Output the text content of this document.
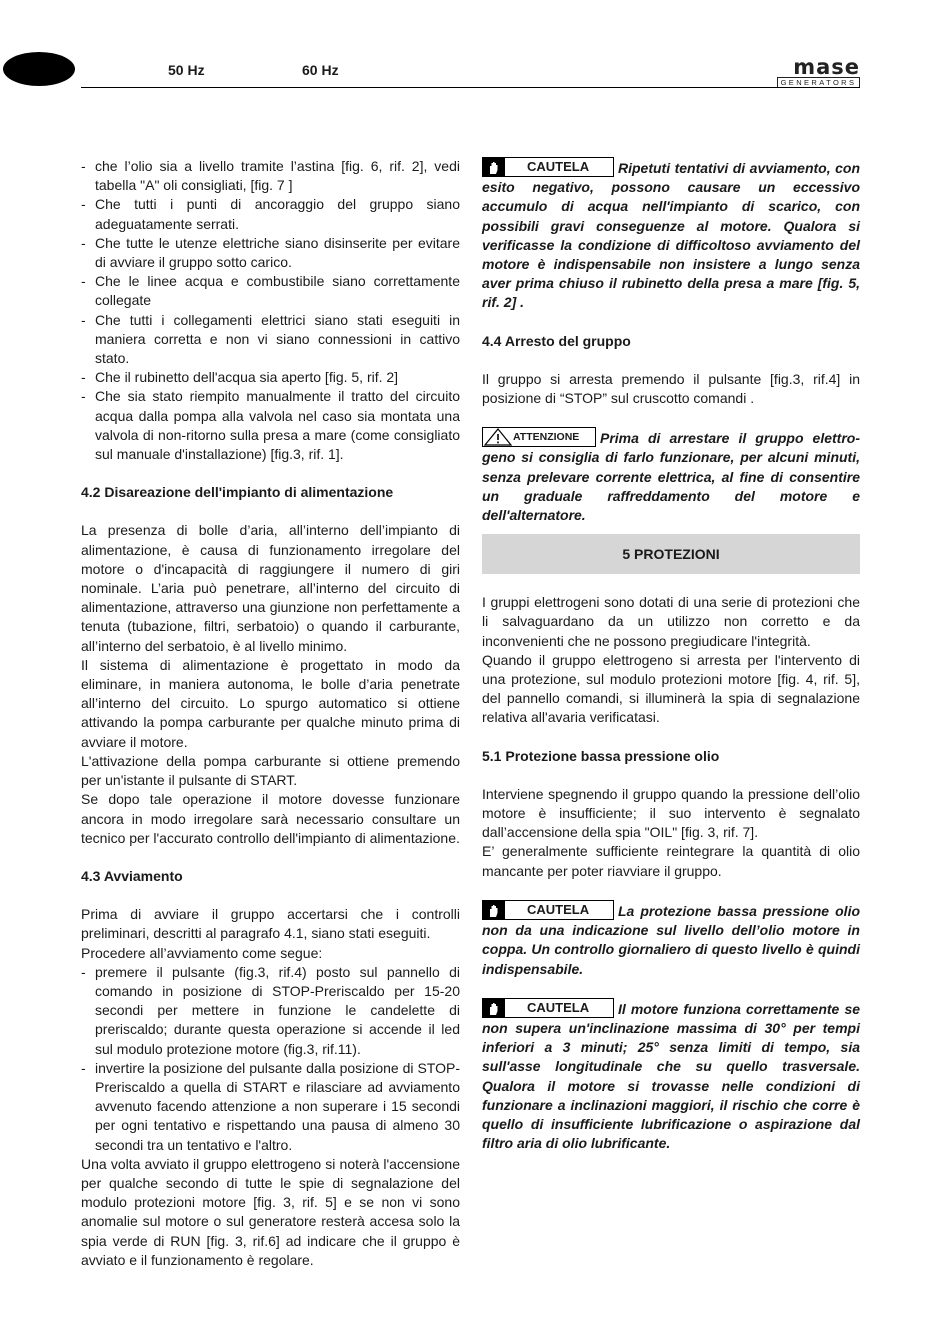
50 Hz	60 Hz	mase
GENERATORS

- che l’olio sia a livello tramite l’astina [fig. 6, rif. 2], vedi tabella "A" oli consigliati, [fig. 7 ]

- Che tutti i punti di ancoraggio del gruppo siano adeguatamente serrati.

- Che tutte le utenze elettriche siano disinserite per evitare di avviare il gruppo sotto carico.

- Che le linee acqua e combustibile siano correttamente collegate

- Che tutti i collegamenti elettrici siano stati eseguiti in maniera corretta e non vi siano connessioni in cattivo stato.

- Che il rubinetto dell'acqua sia aperto [fig. 5, rif. 2]

- Che sia stato riempito manualmente il tratto del circuito acqua dalla pompa alla valvola nel caso sia montata una valvola di non-ritorno sulla presa a mare (come consigliato sul manuale d'installazione) [fig.3, rif. 1].

4.2 Disareazione dell'impianto di alimentazione

La presenza di bolle d’aria, all’interno dell’impianto di alimentazione, è causa di funzionamento irregolare del motore o d'incapacità di raggiungere il numero di giri nominale. L’aria può penetrare, all’interno del circuito di alimentazione, attraverso una giunzione non perfettamente a tenuta (tubazione, filtri, serbatoio) o quando il carburante, all’interno del serbatoio, è al livello minimo.

Il sistema di alimentazione è progettato in modo da eliminare, in maniera autonoma, le bolle d’aria penetrate all’interno del circuito. Lo spurgo automatico si ottiene attivando la pompa carburante per qualche minuto prima di avviare il motore.

L'attivazione della pompa carburante si ottiene premendo per un'istante il pulsante di START.

Se dopo tale operazione il motore dovesse funzionare ancora in modo irregolare sarà necessario consultare un tecnico per l'accurato controllo dell'impianto di alimentazione.

4.3 Avviamento

Prima di avviare il gruppo accertarsi che i controlli preliminari, descritti al paragrafo 4.1, siano stati eseguiti.

Procedere all’avviamento come segue:

- premere il pulsante (fig.3, rif.4) posto sul pannello di comando in posizione di STOP-Preriscaldo per 15-20 secondi per mettere in funzione le candelette di preriscaldo; durante questa operazione si accende il led sul modulo protezione motore (fig.3, rif.11).

- invertire la posizione del pulsante dalla posizione di STOP-Preriscaldo a quella di START e rilasciare ad avviamento avvenuto facendo attenzione a non superare i 15 secondi per ogni tentativo e rispettando una pausa di almeno 30 secondi tra un tentativo e l'altro.

Una volta avviato il gruppo elettrogeno si noterà l'accensione per qualche secondo di tutte le spie di segnalazione del modulo protezioni motore [fig. 3, rif. 5] e se non vi sono anomalie sul motore o sul generatore resterà accesa solo la spia verde di RUN [fig. 3, rif.6] ad indicare che il gruppo è avviato e il funzionamento è regolare.

CAUTELA Ripetuti tentativi di avviamento, con esito negativo, possono causare un eccessivo accumulo di acqua nell'impianto di scarico, con possibili gravi conseguenze al motore. Qualora si verificasse la condizione di difficoltoso avviamento del motore è indispensabile non insistere a lungo senza aver prima chiuso il rubinetto della presa a mare [fig. 5, rif. 2] .

4.4 Arresto del gruppo

Il gruppo si arresta premendo il pulsante [fig.3, rif.4] in posizione di “STOP” sul cruscotto comandi .

ATTENZIONE Prima di arrestare il gruppo elettro- geno si consiglia di farlo funzionare, per alcuni minuti, senza prelevare corrente elettrica, al fine di consentire un graduale raffreddamento del motore e dell'alternatore.

5 PROTEZIONI

I gruppi elettrogeni sono dotati di una serie di protezioni che li salvaguardano da un utilizzo non corretto e da inconvenienti che ne possono pregiudicare l'integrità.

Quando il gruppo elettrogeno si arresta per l'intervento di una protezione, sul modulo protezioni motore [fig. 4, rif. 5], del pannello comandi, si illuminerà la spia di segnalazione relativa all'avaria verificatasi.

5.1 Protezione bassa pressione olio

Interviene spegnendo il gruppo quando la pressione dell’olio motore è insufficiente; il suo intervento è segnalato dall’accensione della spia "OIL" [fig. 3, rif. 7].

E’ generalmente sufficiente reintegrare la quantità di olio mancante per poter riavviare il gruppo.

CAUTELA La protezione bassa pressione olio non da una indicazione sul livello dell’olio motore in coppa. Un controllo giornaliero di questo livello è quindi indispensabile.

CAUTELA Il motore funziona correttamente se non supera un'inclinazione massima di 30° per tempi inferiori a 3 minuti; 25° senza limiti di tempo, sia sull'asse longitudinale che su quello trasversale. Qualora il motore si trovasse nelle condizioni di funzionare a inclinazioni maggiori, il rischio che corre è quello di insufficiente lubrificazione o aspirazione dal filtro aria di olio lubrificante.
